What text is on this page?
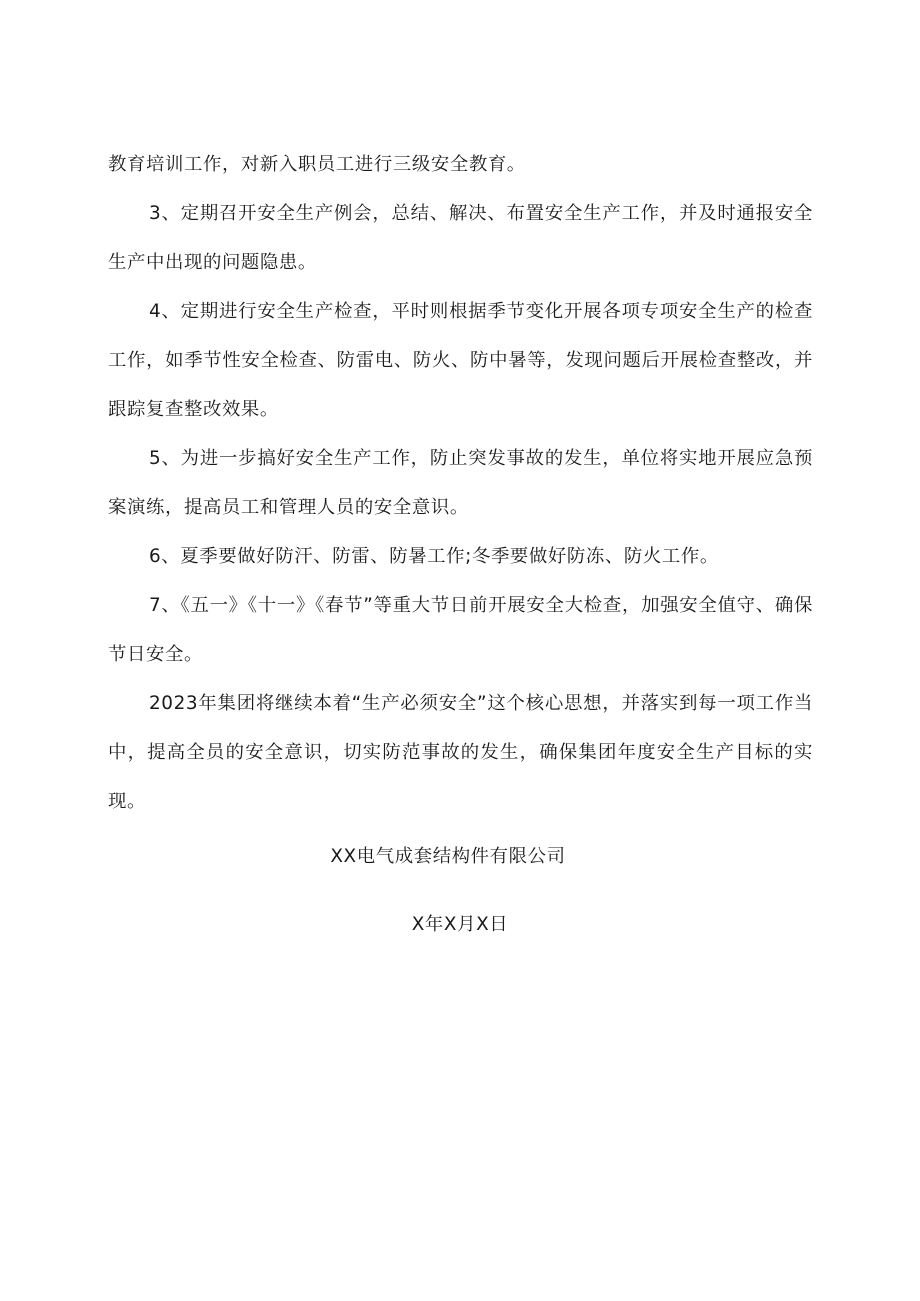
教育培训工作，对新入职员工进行三级安全教育。

3、定期召开安全生产例会，总结、解决、布置安全生产工作，并及时通报安全生产中出现的问题隐患。

4、定期进行安全生产检查，平时则根据季节变化开展各项专项安全生产的检查工作，如季节性安全检查、防雷电、防火、防中暑等，发现问题后开展检查整改，并跟踪复查整改效果。

5、为进一步搞好安全生产工作，防止突发事故的发生，单位将实地开展应急预案演练，提高员工和管理人员的安全意识。

6、夏季要做好防汗、防雷、防暑工作;冬季要做好防冻、防火工作。

7、《五一》《十一》《春节”等重大节日前开展安全大检查，加强安全值守、确保节日安全。

2023年集团将继续本着“生产必须安全”这个核心思想，并落实到每一项工作当中，提高全员的安全意识，切实防范事故的发生，确保集团年度安全生产目标的实现。

XX电气成套结构件有限公司

X年X月X日
